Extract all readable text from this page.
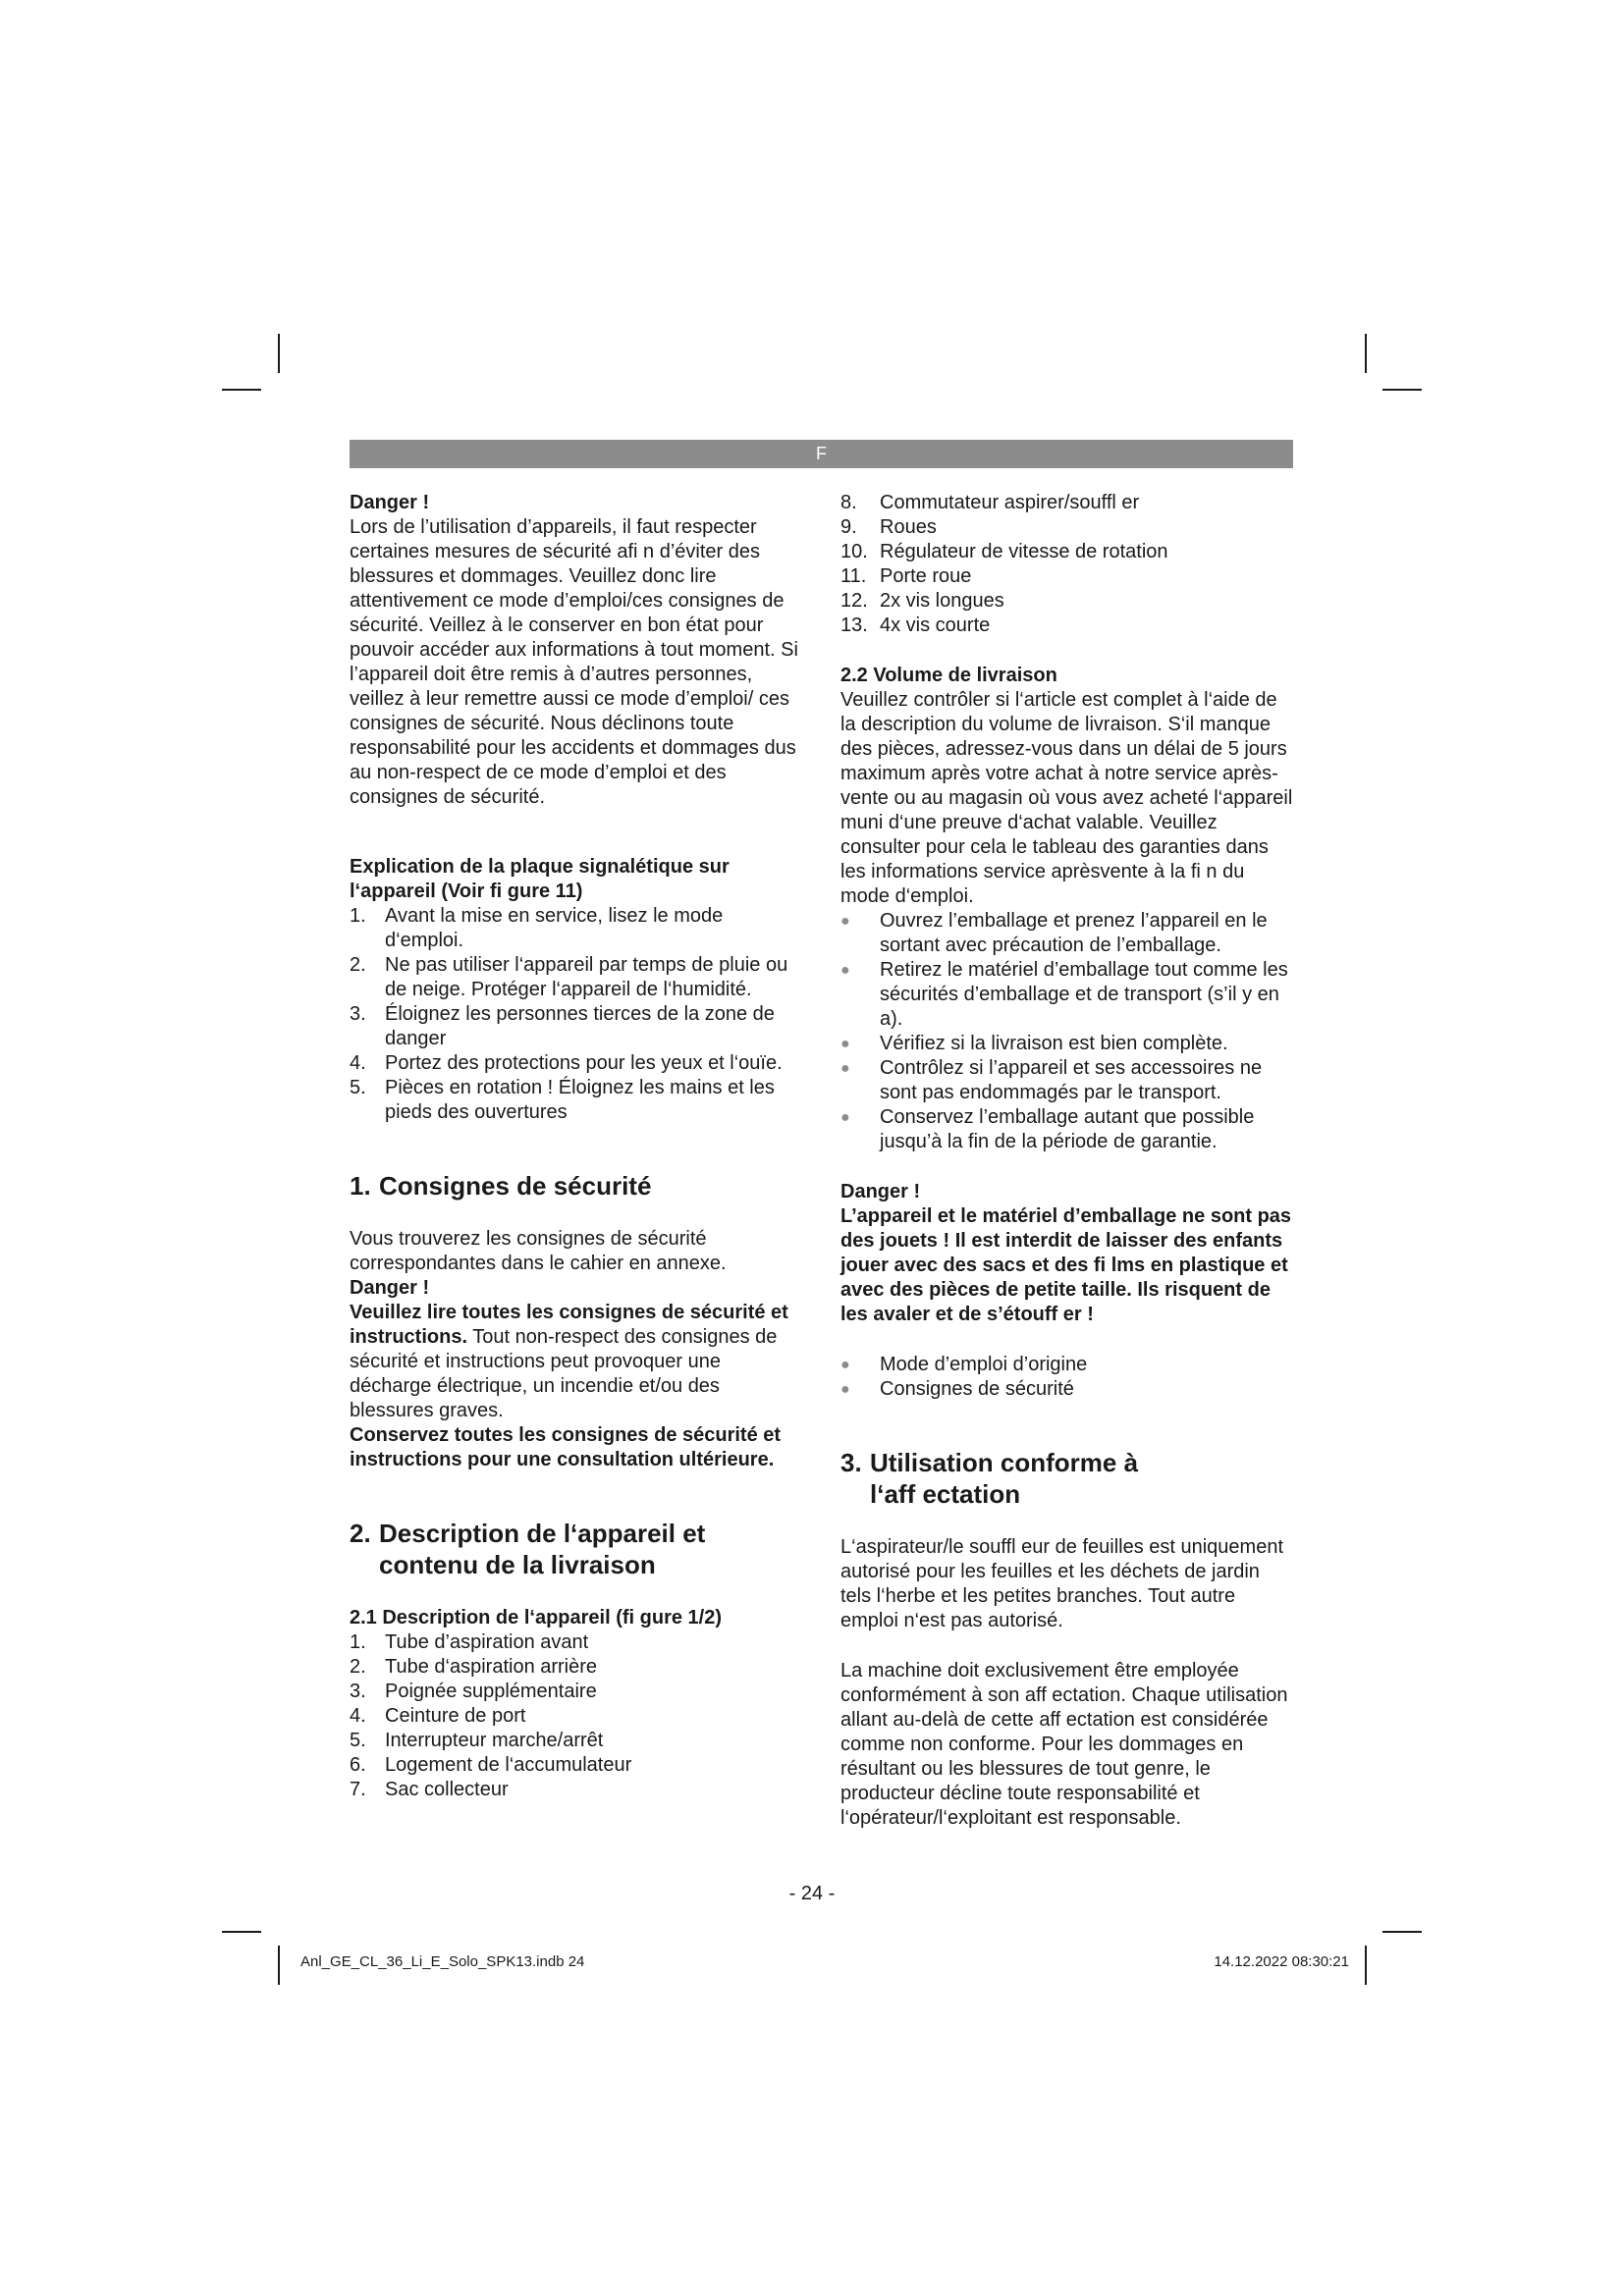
F

Danger !

Lors de l’utilisation d’appareils, il faut respecter certaines mesures de sécurité afi n d’éviter des blessures et dommages. Veuillez donc lire attentivement ce mode d’emploi/ces consignes de sécurité. Veillez à le conserver en bon état pour pouvoir accéder aux informations à tout moment. Si l’appareil doit être remis à d’autres personnes, veillez à leur remettre aussi ce mode d’emploi/ ces consignes de sécurité. Nous déclinons toute responsabilité pour les accidents et dommages dus au non-respect de ce mode d’emploi et des consignes de sécurité.

Explication de la plaque signalétique sur l‘appareil (Voir fi gure 11)

1. Avant la mise en service, lisez le mode d‘emploi.
2. Ne pas utiliser l‘appareil par temps de pluie ou de neige. Protéger l‘appareil de l‘humidité.
3. Éloignez les personnes tierces de la zone de danger
4. Portez des protections pour les yeux et l‘ouïe.
5. Pièces en rotation ! Éloignez les mains et les pieds des ouvertures
1. Consignes de sécurité

Vous trouverez les consignes de sécurité correspondantes dans le cahier en annexe.

Danger !

Veuillez lire toutes les consignes de sécurité et instructions. Tout non-respect des consignes de sécurité et instructions peut provoquer une décharge électrique, un incendie et/ou des blessures graves.

Conservez toutes les consignes de sécurité et instructions pour une consultation ultérieure.

2. Description de l‘appareil et
contenu de la livraison

2.1 Description de l‘appareil (fi gure 1/2)

1. Tube d’aspiration avant
2. Tube d‘aspiration arrière
3. Poignée supplémentaire
4. Ceinture de port
5. Interrupteur marche/arrêt
6. Logement de l‘accumulateur
7. Sac collecteur
8. Commutateur aspirer/souffl er
9. Roues
10. Régulateur de vitesse de rotation
11. Porte roue
12. 2x vis longues
13. 4x vis courte

2.2 Volume de livraison

Veuillez contrôler si l‘article est complet à l‘aide de la description du volume de livraison. S‘il manque des pièces, adressez-vous dans un délai de 5 jours maximum après votre achat à notre service après-vente ou au magasin où vous avez acheté l‘appareil muni d‘une preuve d‘achat valable. Veuillez consulter pour cela le tableau des garanties dans les informations service aprèsvente à la fi n du mode d‘emploi.

● Ouvrez l’emballage et prenez l’appareil en le sortant avec précaution de l’emballage.
● Retirez le matériel d’emballage tout comme les sécurités d’emballage et de transport (s’il y en a).
● Vérifiez si la livraison est bien complète.
● Contrôlez si l’appareil et ses accessoires ne sont pas endommagés par le transport.
● Conservez l’emballage autant que possible jusqu’à la fin de la période de garantie.

Danger !

L’appareil et le matériel d’emballage ne sont pas des jouets ! Il est interdit de laisser des enfants jouer avec des sacs et des fi lms en plastique et avec des pièces de petite taille. Ils risquent de les avaler et de s’étouff er !

● Mode d’emploi d’origine
● Consignes de sécurité
3. Utilisation conforme à
l‘aff ectation

L‘aspirateur/le souffl eur de feuilles est uniquement autorisé pour les feuilles et les déchets de jardin tels l‘herbe et les petites branches. Tout autre emploi n‘est pas autorisé.

La machine doit exclusivement être employée conformément à son aff ectation. Chaque utilisation allant au-delà de cette aff ectation est considérée comme non conforme. Pour les dommages en résultant ou les blessures de tout genre, le producteur décline toute responsabilité et l‘opérateur/l‘exploitant est responsable.

- 24 -
Anl_GE_CL_36_Li_E_Solo_SPK13.indb 24	14.12.2022 08:30:21
